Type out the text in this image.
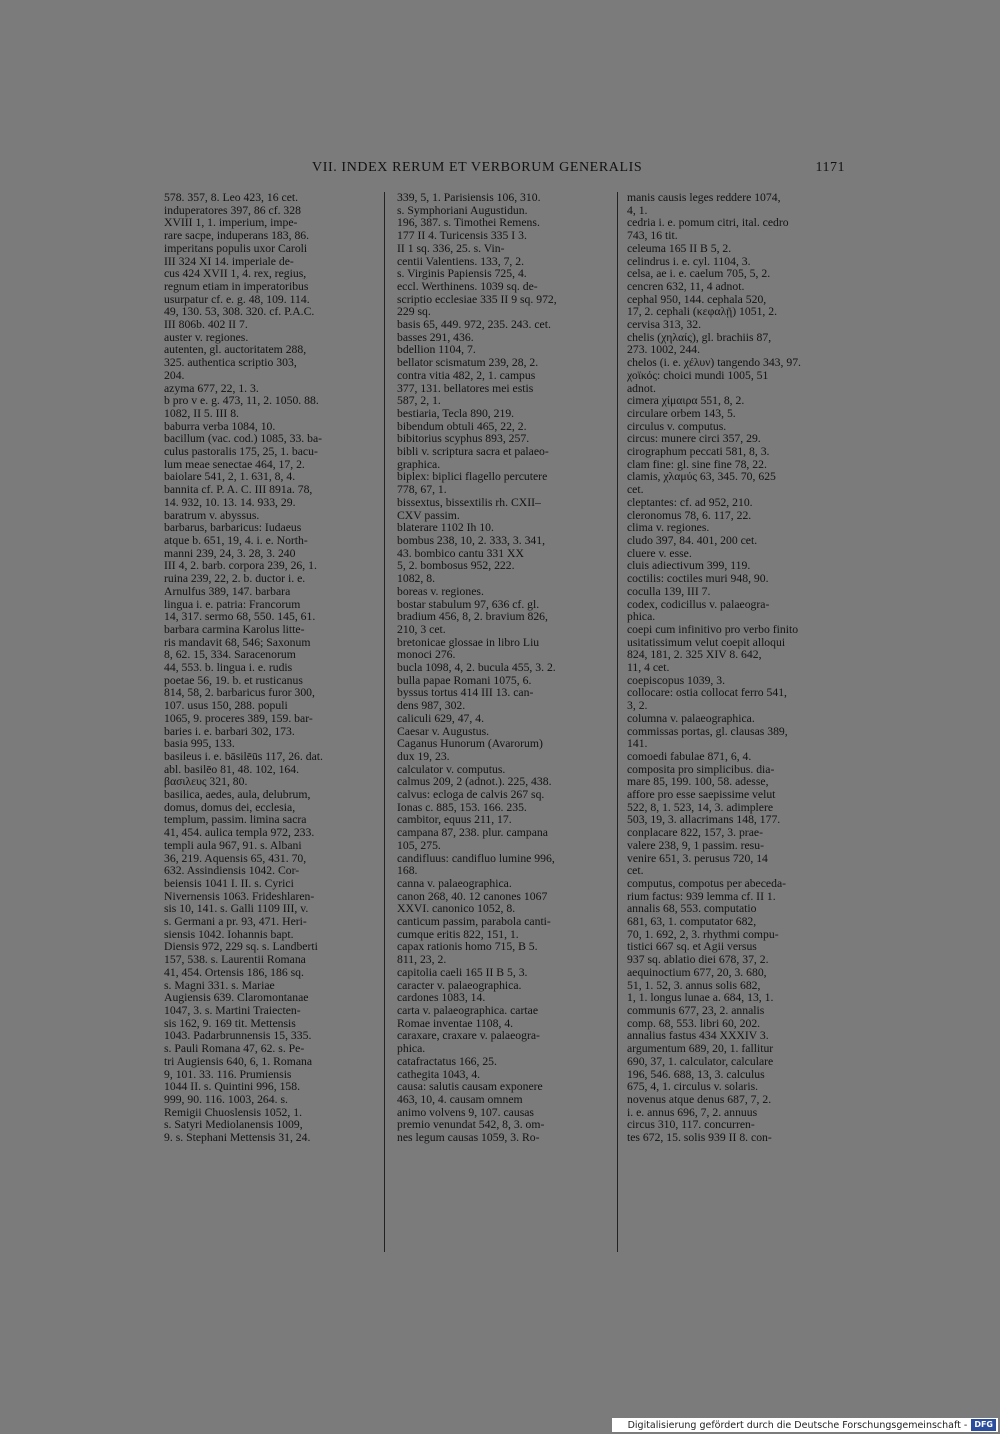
VII. INDEX RERUM ET VERBORUM GENERALIS	1171
578. 357, 8. Leo 423, 16 cet.
induperatores 397, 86 cf. 328
XVIII 1, 1. imperium, impe-
rare sacpe, induperans 183, 86.
imperitans populis uxor Caroli
III 324 XI 14. imperiale de-
cus 424 XVII 1, 4. rex, regius,
regnum etiam in imperatoribus
usurpatur cf. e. g. 48, 109. 114.
49, 130. 53, 308. 320. cf. P.A.C.
III 806b. 402 II 7.
auster v. regiones.
autenten, gl. auctoritatem 288,
325. authentica scriptio 303,
204.
azyma 677, 22, 1. 3.
b pro v e. g. 473, 11, 2. 1050. 88.
1082, II 5. III 8.
baburra verba 1084, 10.
bacillum (vac. cod.) 1085, 33. ba-
culus pastoralis 175, 25, 1. bacu-
lum meae senectae 464, 17, 2.
baiolare 541, 2, 1. 631, 8, 4.
bannita cf. P. A. C. III 891a. 78,
14. 932, 10. 13. 14. 933, 29.
baratrum v. abyssus.
barbarus, barbaricus: Iudaeus
atque b. 651, 19, 4. i. e. North-
manni 239, 24, 3. 28, 3. 240
III 4, 2. barb. corpora 239, 26, 1.
ruina 239, 22, 2. b. ductor i. e.
Arnulfus 389, 147. barbara
lingua i. e. patria: Francorum
14, 317. sermo 68, 550. 145, 61.
barbara carmina Karolus litte-
ris mandavit 68, 546; Saxonum
8, 62. 15, 334. Saracenorum
44, 553. b. lingua i. e. rudis
poetae 56, 19. b. et rusticanus
814, 58, 2. barbaricus furor 300,
107. usus 150, 288. populi
1065, 9. proceres 389, 159. bar-
baries i. e. barbari 302, 173.
basia 995, 133.
basileus i. e. bāsilēūs 117, 26. dat.
abl. basilēo 81, 48. 102, 164.
βασιλευς 321, 80.
basilica, aedes, aula, delubrum,
domus, domus dei, ecclesia,
templum, passim. limina sacra
41, 454. aulica templa 972, 233.
templi aula 967, 91. s. Albani
36, 219. Aquensis 65, 431. 70,
632. Assindiensis 1042. Cor-
beiensis 1041 I. II. s. Cyrici
Nivernensis 1063. Frideshlaren-
sis 10, 141. s. Galli 1109 III, v.
s. Germani a pr. 93, 471. Heri-
siensis 1042. Iohannis bapt.
Diensis 972, 229 sq. s. Landberti
157, 538. s. Laurentii Romana
41, 454. Ortensis 186, 186 sq.
s. Magni 331. s. Mariae
Augiensis 639. Claromontanae
1047, 3. s. Martini Traiecten-
sis 162, 9. 169 tit. Mettensis
1043. Padarbrunnensis 15, 335.
s. Pauli Romana 47, 62. s. Pe-
tri Augiensis 640, 6, 1. Romana
9, 101. 33. 116. Prumiensis
1044 II. s. Quintini 996, 158.
999, 90. 116. 1003, 264. s.
Remigii Chuoslensis 1052, 1.
s. Satyri Mediolanensis 1009,
9. s. Stephani Mettensis 31, 24.
339, 5, 1. Parisiensis 106, 310.
s. Symphoriani Augustidun.
196, 387. s. Timothei Remens.
177 II 4. Turicensis 335 I 3.
II 1 sq. 336, 25. s. Vin-
centii Valentiens. 133, 7, 2.
s. Virginis Papiensis 725, 4.
eccl. Werthinens. 1039 sq. de-
scriptio ecclesiae 335 II 9 sq. 972,
229 sq.
basis 65, 449. 972, 235. 243. cet.
basses 291, 436.
bdellion 1104, 7.
bellator scismatum 239, 28, 2.
contra vitia 482, 2, 1. campus
377, 131. bellatores mei estis
587, 2, 1.
bestiaria, Tecla 890, 219.
bibendum obtuli 465, 22, 2.
bibitorius scyphus 893, 257.
bibli v. scriptura sacra et palaeo-
graphica.
biplex: biplici flagello percutere
778, 67, 1.
bissextus, bissextilis rh. CXII–
CXV passim.
blaterare 1102 Ih 10.
bombus 238, 10, 2. 333, 3. 341,
43. bombico cantu 331 XX
5, 2. bombosus 952, 222.
1082, 8.
boreas v. regiones.
bostar stabulum 97, 636 cf. gl.
bradium 456, 8, 2. bravium 826,
210, 3 cet.
bretonicae glossae in libro Liu
monoci 276.
bucla 1098, 4, 2. bucula 455, 3. 2.
bulla papae Romani 1075, 6.
byssus tortus 414 III 13. can-
dens 987, 302.
caliculi 629, 47, 4.
Caesar v. Augustus.
Caganus Hunorum (Avarorum)
dux 19, 23.
calculator v. computus.
calmus 209, 2 (adnot.). 225, 438.
calvus: ecloga de calvis 267 sq.
Ionas c. 885, 153. 166. 235.
cambitor, equus 211, 17.
campana 87, 238. plur. campana
105, 275.
candifluus: candifluo lumine 996,
168.
canna v. palaeographica.
canon 268, 40. 12 canones 1067
XXVI. canonico 1052, 8.
canticum passim, parabola canti-
cumque eritis 822, 151, 1.
capax rationis homo 715, B 5.
811, 23, 2.
capitolia caeli 165 II B 5, 3.
caracter v. palaeographica.
cardones 1083, 14.
carta v. palaeographica. cartae
Romae inventae 1108, 4.
caraxare, craxare v. palaeogra-
phica.
catafractatus 166, 25.
cathegita 1043, 4.
causa: salutis causam exponere
463, 10, 4. causam omnem
animo volvens 9, 107. causas
premio venundat 542, 8, 3. om-
nes legum causas 1059, 3. Ro-
manis causis leges reddere 1074,
4, 1.
cedria i. e. pomum citri, ital. cedro
743, 16 tit.
celeuma 165 II B 5, 2.
celindrus i. e. cyl. 1104, 3.
celsa, ae i. e. caelum 705, 5, 2.
cencren 632, 11, 4 adnot.
cephal 950, 144. cephala 520,
17, 2. cephali (κεφαλῇ) 1051, 2.
cervisa 313, 32.
chelis (χηλαίς), gl. brachiis 87,
273. 1002, 244.
chelos (i. e. χέλυν) tangendo 343, 97.
χοϊκός: choici mundi 1005, 51
adnot.
cimera χίμαιρα 551, 8, 2.
circulare orbem 143, 5.
circulus v. computus.
circus: munere circi 357, 29.
cirographum peccati 581, 8, 3.
clam fine: gl. sine fine 78, 22.
clamis, χλαμύς 63, 345. 70, 625
cet.
cleptantes: cf. ad 952, 210.
cleronomus 78, 6. 117, 22.
clima v. regiones.
cludo 397, 84. 401, 200 cet.
cluere v. esse.
cluis adiectivum 399, 119.
coctilis: coctiles muri 948, 90.
coculla 139, III 7.
codex, codicillus v. palaeogra-
phica.
coepi cum infinitivo pro verbo finito
usitatissimum velut coepit alloqui
824, 181, 2. 325 XIV 8. 642,
11, 4 cet.
coepiscopus 1039, 3.
collocare: ostia collocat ferro 541,
3, 2.
columna v. palaeographica.
commissas portas, gl. clausas 389,
141.
comoedi fabulae 871, 6, 4.
composita pro simplicibus. dia-
mare 85, 199. 100, 58. adesse,
affore pro esse saepissime velut
522, 8, 1. 523, 14, 3. adimplere
503, 19, 3. allacrimans 148, 177.
conplacare 822, 157, 3. prae-
valere 238, 9, 1 passim. resu-
venire 651, 3. perusus 720, 14
cet.
computus, compotus per abeceda-
rium factus: 939 lemma cf. II 1.
annalis 68, 553. computatio
681, 63, 1. computator 682,
70, 1. 692, 2, 3. rhythmi compu-
tistici 667 sq. et Agii versus
937 sq. ablatio diei 678, 37, 2.
aequinoctium 677, 20, 3. 680,
51, 1. 52, 3. annus solis 682,
1, 1. longus lunae a. 684, 13, 1.
communis 677, 23, 2. annalis
comp. 68, 553. libri 60, 202.
annalius fastus 434 XXXIV 3.
argumentum 689, 20, 1. fallitur
690, 37, 1. calculator, calculare
196, 546. 688, 13, 3. calculus
675, 4, 1. circulus v. solaris.
novenus atque denus 687, 7, 2.
i. e. annus 696, 7, 2. annuus
circus 310, 117. concurren-
tes 672, 15. solis 939 II 8. con-
Digitalisierung gefördert durch die Deutsche Forschungsgemeinschaft - DFG
